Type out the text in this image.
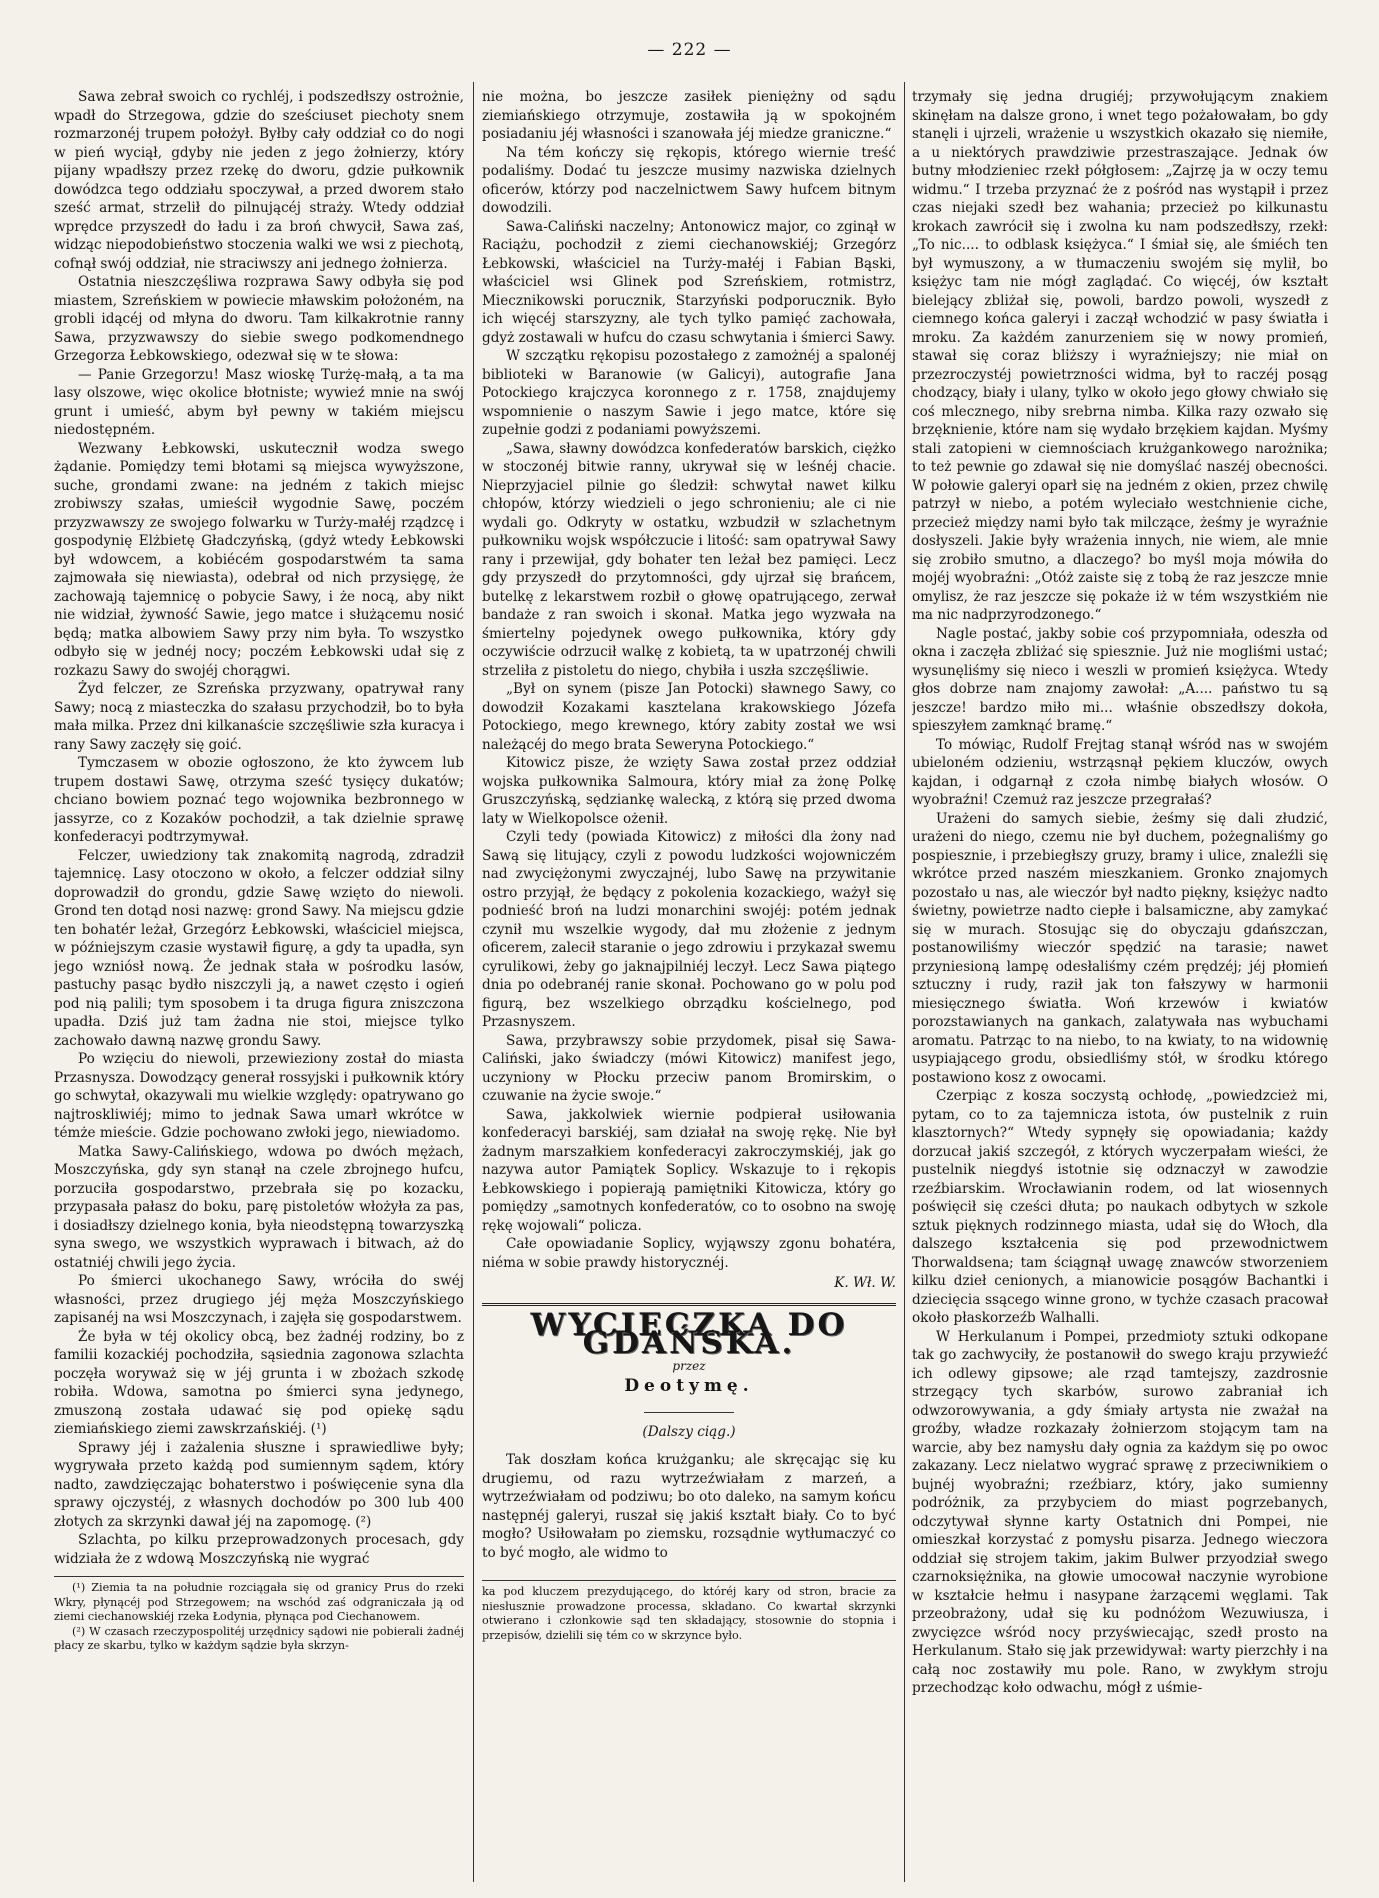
— 222 —

Sawa zebrał swoich co rychléj, i podszedłszy ostrożnie, wpadł do Strzegowa, gdzie do sześciuset piechoty snem rozmarzonéj trupem położył. Byłby cały oddział co do nogi w pień wyciął, gdyby nie jeden z jego żołnierzy, który pijany wpadłszy przez rzekę do dworu, gdzie pułkownik dowódzca tego oddziału spoczywał, a przed dworem stało sześć armat, strzelił do pilnującéj straży. Wtedy oddział wprędce przyszedł do ładu i za broń chwycił, Sawa zaś, widząc niepodobieństwo stoczenia walki we wsi z piechotą, cofnął swój oddział, nie straciwszy ani jednego żołnierza.

Ostatnia nieszczęśliwa rozprawa Sawy odbyła się pod miastem, Szreńskiem w powiecie mławskim położoném, na grobli idącéj od młyna do dworu. Tam kilkakrotnie ranny Sawa, przyzwawszy do siebie swego podkomendnego Grzegorza Łebkowskiego, odezwał się w te słowa:

— Panie Grzegorzu! Masz wioskę Turżę-małą, a ta ma lasy olszowe, więc okolice błotniste; wywieź mnie na swój grunt i umieść, abym był pewny w takiém miejscu niedostępném.

Wezwany Łebkowski, uskutecznił wodza swego żądanie. Pomiędzy temi błotami są miejsca wywyższone, suche, grondami zwane: na jedném z takich miejsc zrobiwszy szałas, umieścił wygodnie Sawę, poczém przyzwawszy ze swojego folwarku w Turży-małéj rządzcę i gospodynię Elżbietę Gładczyńską, (gdyż wtedy Łebkowski był wdowcem, a kobiécém gospodarstwém ta sama zajmowała się niewiasta), odebrał od nich przysięgę, że zachowają tajemnicę o pobycie Sawy, i że nocą, aby nikt nie widział, żywność Sawie, jego matce i służącemu nosić będą; matka albowiem Sawy przy nim była. To wszystko odbyło się w jednéj nocy; poczém Łebkowski udał się z rozkazu Sawy do swojéj chorągwi.

Żyd felczer, ze Szreńska przyzwany, opatrywał rany Sawy; nocą z miasteczka do szałasu przychodził, bo to była mała milka. Przez dni kilkanaście szczęśliwie szła kuracya i rany Sawy zaczęły się goić.

Tymczasem w obozie ogłoszono, że kto żywcem lub trupem dostawi Sawę, otrzyma sześć tysięcy dukatów; chciano bowiem poznać tego wojownika bezbronnego w jassyrze, co z Kozaków pochodził, a tak dzielnie sprawę konfederacyi podtrzymywał.

Felczer, uwiedziony tak znakomitą nagrodą, zdradził tajemnicę. Lasy otoczono w około, a felczer oddział silny doprowadził do grondu, gdzie Sawę wzięto do niewoli. Grond ten dotąd nosi nazwę: grond Sawy. Na miejscu gdzie ten bohatér leżał, Grzegórz Łebkowski, właściciel miejsca, w późniejszym czasie wystawił figurę, a gdy ta upadła, syn jego wzniósł nową. Że jednak stała w pośrodku lasów, pastuchy pasąc bydło niszczyli ją, a nawet często i ogień pod nią palili; tym sposobem i ta druga figura zniszczona upadła. Dziś już tam żadna nie stoi, miejsce tylko zachowało dawną nazwę grondu Sawy.

Po wzięciu do niewoli, przewieziony został do miasta Przasnysza. Dowodzący generał rossyjski i pułkownik który go schwytał, okazywali mu wielkie względy: opatrywano go najtroskliwiéj; mimo to jednak Sawa umarł wkrótce w témże mieście. Gdzie pochowano zwłoki jego, niewiadomo.

Matka Sawy-Calińskiego, wdowa po dwóch mężach, Moszczyńska, gdy syn stanął na czele zbrojnego hufcu, porzuciła gospodarstwo, przebrała się po kozacku, przypasała pałasz do boku, parę pistoletów włożyła za pas, i dosiadłszy dzielnego konia, była nieodstępną towarzyszką syna swego, we wszystkich wyprawach i bitwach, aż do ostatniéj chwili jego życia.

Po śmierci ukochanego Sawy, wróciła do swéj własności, przez drugiego jéj męża Moszczyńskiego zapisanéj na wsi Moszczynach, i zajęła się gospodarstwem.

Że była w téj okolicy obcą, bez żadnéj rodziny, bo z familii kozackiéj pochodziła, sąsiednia zagonowa szlachta poczęła woryważ się w jéj grunta i w zbożach szkodę robiła. Wdowa, samotna po śmierci syna jedynego, zmuszoną została udawać się pod opiekę sądu ziemiańskiego ziemi zawskrzańskiéj. (¹)

Sprawy jéj i zażalenia słuszne i sprawiedliwe były; wygrywała przeto każdą pod sumiennym sądem, który nadto, zawdzięczając bohaterstwo i poświęcenie syna dla sprawy ojczystéj, z własnych dochodów po 300 lub 400 złotych za skrzynki dawał jéj na zapomogę. (²)

Szlachta, po kilku przeprowadzonych procesach, gdy widziała że z wdową Moszczyńską nie wygrać

(¹) Ziemia ta na południe rozciągała się od granicy Prus do rzeki Wkry, płynącéj pod Strzegowem; na wschód zaś odgraniczała ją od ziemi ciechanowskiéj rzeka Łodynia, płynąca pod Ciechanowem.

(²) W czasach rzeczypospolitéj urzędnicy sądowi nie pobierali żadnéj płacy ze skarbu, tylko w każdym sądzie była skrzyn-

nie można, bo jeszcze zasiłek pieniężny od sądu ziemiańskiego otrzymuje, zostawiła ją w spokojném posiadaniu jéj własności i szanowała jéj miedze graniczne.“

Na tém kończy się rękopis, którego wiernie treść podaliśmy. Dodać tu jeszcze musimy nazwiska dzielnych oficerów, którzy pod naczelnictwem Sawy hufcem bitnym dowodzili.

Sawa-Caliński naczelny; Antonowicz major, co zginął w Raciążu, pochodził z ziemi ciechanowskiéj; Grzegórz Łebkowski, właściciel na Turży-małéj i Fabian Bąski, właściciel wsi Glinek pod Szreńskiem, rotmistrz, Miecznikowski porucznik, Starzyński podporucznik. Było ich więcéj starszyzny, ale tych tylko pamięć zachowała, gdyż zostawali w hufcu do czasu schwytania i śmierci Sawy.

W szczątku rękopisu pozostałego z zamożnéj a spalonéj biblioteki w Baranowie (w Galicyi), autografie Jana Potockiego krajczyca koronnego z r. 1758, znajdujemy wspomnienie o naszym Sawie i jego matce, które się zupełnie godzi z podaniami powyższemi.

„Sawa, sławny dowódzca konfederatów barskich, ciężko w stoczonéj bitwie ranny, ukrywał się w leśnéj chacie. Nieprzyjaciel pilnie go śledził: schwytał nawet kilku chłopów, którzy wiedzieli o jego schronieniu; ale ci nie wydali go. Odkryty w ostatku, wzbudził w szlachetnym pułkowniku wojsk współczucie i litość: sam opatrywał Sawy rany i przewijał, gdy bohater ten leżał bez pamięci. Lecz gdy przyszedł do przytomności, gdy ujrzał się brańcem, butelkę z lekarstwem rozbił o głowę opatrującego, zerwał bandaże z ran swoich i skonał. Matka jego wyzwała na śmiertelny pojedynek owego pułkownika, który gdy oczywiście odrzucił walkę z kobietą, ta w upatrzonéj chwili strzeliła z pistoletu do niego, chybiła i uszła szczęśliwie.

„Był on synem (pisze Jan Potocki) sławnego Sawy, co dowodził Kozakami kasztelana krakowskiego Józefa Potockiego, mego krewnego, który zabity został we wsi należącéj do mego brata Seweryna Potockiego.“

Kitowicz pisze, że wzięty Sawa został przez oddział wojska pułkownika Salmoura, który miał za żonę Polkę Gruszczyńską, sędziankę walecką, z którą się przed dwoma laty w Wielkopolsce ożenił.

Czyli tedy (powiada Kitowicz) z miłości dla żony nad Sawą się litujący, czyli z powodu ludzkości wojowniczém nad zwyciężonymi zwyczajnéj, lubo Sawę na przywitanie ostro przyjął, że będący z pokolenia kozackiego, ważył się podnieść broń na ludzi monarchini swojéj: potém jednak czynił mu wszelkie wygody, dał mu złożenie z jednym oficerem, zalecił staranie o jego zdrowiu i przykazał swemu cyrulikowi, żeby go jaknajpilniéj leczył. Lecz Sawa piątego dnia po odebranéj ranie skonał. Pochowano go w polu pod figurą, bez wszelkiego obrządku kościelnego, pod Przasnyszem.

Sawa, przybrawszy sobie przydomek, pisał się Sawa-Caliński, jako świadczy (mówi Kitowicz) manifest jego, uczyniony w Płocku przeciw panom Bromirskim, o czuwanie na życie swoje.“

Sawa, jakkolwiek wiernie podpierał usiłowania konfederacyi barskiéj, sam działał na swoję rękę. Nie był żadnym marszałkiem konfederacyi zakroczymskiéj, jak go nazywa autor Pamiątek Soplicy. Wskazuje to i rękopis Łebkowskiego i popierają pamiętniki Kitowicza, który go pomiędzy „samotnych konfederatów, co to osobno na swoję rękę wojowali“ policza.

Całe opowiadanie Soplicy, wyjąwszy zgonu bohatéra, niéma w sobie prawdy historycznéj.

K. Wł. W.
WYCIECZKA DO GDAŃSKA.
przez
Deotymę.
(Dalszy ciąg.)

Tak doszłam końca krużganku; ale skręcając się ku drugiemu, od razu wytrzeźwiałam z marzeń, a wytrzeźwiałam od podziwu; bo oto daleko, na samym końcu następnéj galeryi, ruszał się jakiś kształt biały. Co to być mogło? Usiłowałam po ziemsku, rozsądnie wytłumaczyć co to być mogło, ale widmo to

ka pod kluczem prezydującego, do któréj kary od stron, bracie za niesłusznie prowadzone processa, składano. Co kwartał skrzynki otwierano i członkowie sąd ten składający, stosownie do stopnia i przepisów, dzielili się tém co w skrzynce było.

trzymały się jedna drugiéj; przywołującym znakiem skinęłam na dalsze grono, i wnet tego pożałowałam, bo gdy stanęli i ujrzeli, wrażenie u wszystkich okazało się niemiłe, a u niektórych prawdziwie przestraszające. Jednak ów butny młodzieniec rzekł półgłosem: „Zajrzę ja w oczy temu widmu.“ I trzeba przyznać że z pośród nas wystąpił i przez czas niejaki szedł bez wahania; przecież po kilkunastu krokach zawrócił się i zwolna ku nam podszedłszy, rzekł: „To nic.... to odblask księżyca.“ I śmiał się, ale śmiéch ten był wymuszony, a w tłumaczeniu swojém się mylił, bo księżyc tam nie mógł zaglądać. Co więcéj, ów kształt bielejący zbliżał się, powoli, bardzo powoli, wyszedł z ciemnego końca galeryi i zaczął wchodzić w pasy światła i mroku. Za każdém zanurzeniem się w nowy promień, stawał się coraz bliższy i wyraźniejszy; nie miał on przezroczystéj powietrzności widma, był to raczéj posąg chodzący, biały i ulany, tylko w około jego głowy chwiało się coś mlecznego, niby srebrna nimba. Kilka razy ozwało się brzęknienie, które nam się wydało brzękiem kajdan. Myśmy stali zatopieni w ciemnościach krużgankowego narożnika; to też pewnie go zdawał się nie domyślać naszéj obecności. W połowie galeryi oparł się na jedném z okien, przez chwilę patrzył w niebo, a potém wyleciało westchnienie ciche, przecież między nami było tak milczące, żeśmy je wyraźnie dosłyszeli. Jakie były wrażenia innych, nie wiem, ale mnie się zrobiło smutno, a dlaczego? bo myśl moja mówiła do mojéj wyobraźni: „Otóż zaiste się z tobą że raz jeszcze mnie omylisz, że raz jeszcze się pokaże iż w tém wszystkiém nie ma nic nadprzyrodzonego.“

Nagle postać, jakby sobie coś przypomniała, odeszła od okna i zaczęła zbliżać się spiesznie. Już nie mogliśmi ustać; wysunęliśmy się nieco i weszli w promień księżyca. Wtedy głos dobrze nam znajomy zawołał: „A.... państwo tu są jeszcze! bardzo miło mi... właśnie obszedłszy dokoła, spieszyłem zamknąć bramę.“

To mówiąc, Rudolf Frejtag stanął wśród nas w swojém ubieloném odzieniu, wstrząsnął pękiem kluczów, owych kajdan, i odgarnął z czoła nimbę białych włosów. O wyobraźni! Czemuż raz jeszcze przegrałaś?

Urażeni do samych siebie, żeśmy się dali złudzić, urażeni do niego, czemu nie był duchem, pożegnaliśmy go pospiesznie, i przebiegłszy gruzy, bramy i ulice, znaleźli się wkrótce przed naszém mieszkaniem. Gronko znajomych pozostało u nas, ale wieczór był nadto piękny, księżyc nadto świetny, powietrze nadto ciepłe i balsamiczne, aby zamykać się w murach. Stosując się do obyczaju gdańszczan, postanowiliśmy wieczór spędzić na tarasie; nawet przyniesioną lampę odesłaliśmy czém prędzéj; jéj płomień sztuczny i rudy, raził jak ton fałszywy w harmonii miesięcznego światła. Woń krzewów i kwiatów porozstawianych na gankach, zalatywała nas wybuchami aromatu. Patrząc to na niebo, to na kwiaty, to na widownię usypiającego grodu, obsiedliśmy stół, w środku którego postawiono kosz z owocami.

Czerpiąc z kosza soczystą ochłodę, „powiedzcież mi, pytam, co to za tajemnicza istota, ów pustelnik z ruin klasztornych?“ Wtedy sypnęły się opowiadania; każdy dorzucał jakiś szczegół, z których wyczerpałam wieści, że pustelnik niegdyś istotnie się odznaczył w zawodzie rzeźbiarskim. Wrocławianin rodem, od lat wiosennych poświęcił się cześci dłuta; po naukach odbytych w szkole sztuk pięknych rodzinnego miasta, udał się do Włoch, dla dalszego kształcenia się pod przewodnictwem Thorwaldsena; tam ściągnął uwagę znawców stworzeniem kilku dzieł cenionych, a mianowicie posągów Bachantki i dziecięcia ssącego winne grono, w tychże czasach pracował około płaskorzeźb Walhalli.

W Herkulanum i Pompei, przedmioty sztuki odkopane tak go zachwyciły, że postanowił do swego kraju przywieźć ich odlewy gipsowe; ale rząd tamtejszy, zazdrosnie strzegący tych skarbów, surowo zabraniał ich odwzorowywania, a gdy śmiały artysta nie zważał na groźby, władze rozkazały żołnierzom stojącym tam na warcie, aby bez namysłu dały ognia za każdym się po owoc zakazany. Lecz nielatwo wygrać sprawę z przeciwnikiem o bujnéj wyobraźni; rzeźbiarz, który, jako sumienny podróżnik, za przybyciem do miast pogrzebanych, odczytywał słynne karty Ostatnich dni Pompei, nie omieszkał korzystać z pomysłu pisarza. Jednego wieczora oddział się strojem takim, jakim Bulwer przyodział swego czarnoksiężnika, na głowie umocował naczynie wyrobione w kształcie hełmu i nasypane żarzącemi węglami. Tak przeobrażony, udał się ku podnóżom Wezuwiusza, i zwycięzce wśród nocy przyświecając, szedł prosto na Herkulanum. Stało się jak przewidywał: warty pierzchły i na całą noc zostawiły mu pole. Rano, w zwykłym stroju przechodząc koło odwachu, mógł z uśmie-
